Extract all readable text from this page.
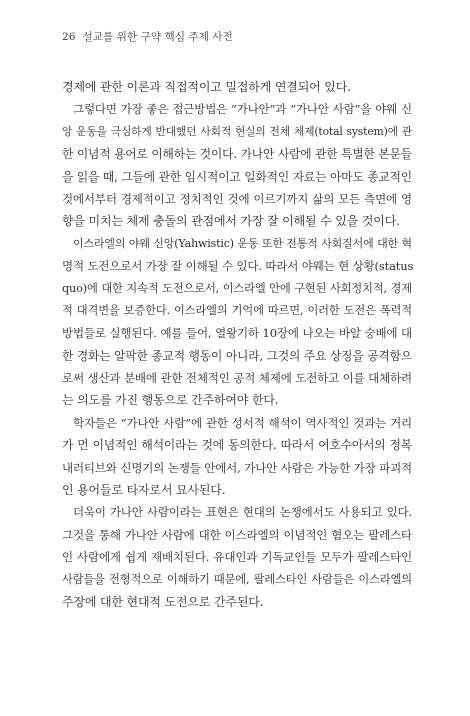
26 설교를 위한 구약 핵심 주제 사전
경제에 관한 이론과 직접적이고 밀접하게 연결되어 있다.
그렇다면 가장 좋은 접근방법은 “가나안”과 “가나안 사람”을 야웨 신
앙 운동을 극심하게 반대했던 사회적 현실의 전체 체제(total system)에 관
한 이념적 용어로 이해하는 것이다. 가나안 사람에 관한 특별한 본문들
을 읽을 때, 그들에 관한 임시적이고 일화적인 자료는 아마도 종교적인
것에서부터 경제적이고 정치적인 것에 이르기까지 삶의 모든 측면에 영
향을 미치는 체제 충돌의 관점에서 가장 잘 이해될 수 있을 것이다.
이스라엘의 야웨 신앙(Yahwistic) 운동 또한 전통적 사회질서에 대한 혁
명적 도전으로서 가장 잘 이해될 수 있다. 따라서 야웨는 현 상황(status
quo)에 대한 지속적 도전으로서, 이스라엘 안에 구현된 사회정치적, 경제
적 대격변을 보증한다. 이스라엘의 기억에 따르면, 이러한 도전은 폭력적
방법들로 실행된다. 예를 들어, 열왕기하 10장에 나오는 바알 숭배에 대
한 경화는 알팍한 종교적 행동이 아니라, 그것의 주요 상징을 공격함으
로써 생산과 분배에 관한 전체적인 공적 체제에 도전하고 이를 대체하려
는 의도를 가진 행동으로 간주하여야 한다.
학자들은 “가나안 사람”에 관한 성서적 해석이 역사적인 것과는 거리
가 먼 이념적인 해석이라는 것에 동의한다. 따라서 여호수아서의 정복
내러티브와 신명기의 논쟁들 안에서, 가나안 사람은 가능한 가장 파괴적
인 용어들로 타자로서 묘사된다.
더욱이 가나안 사람이라는 표현은 현대의 논쟁에서도 사용되고 있다.
그것을 통해 가나안 사람에 대한 이스라엘의 이념적인 혐오는 팔레스타
인 사람에게 쉽게 재배치된다. 유대인과 기독교인들 모두가 팔레스타인
사람들을 전형적으로 이해하기 때문에, 팔레스타인 사람들은 이스라엘의
주장에 대한 현대적 도전으로 간주된다.
